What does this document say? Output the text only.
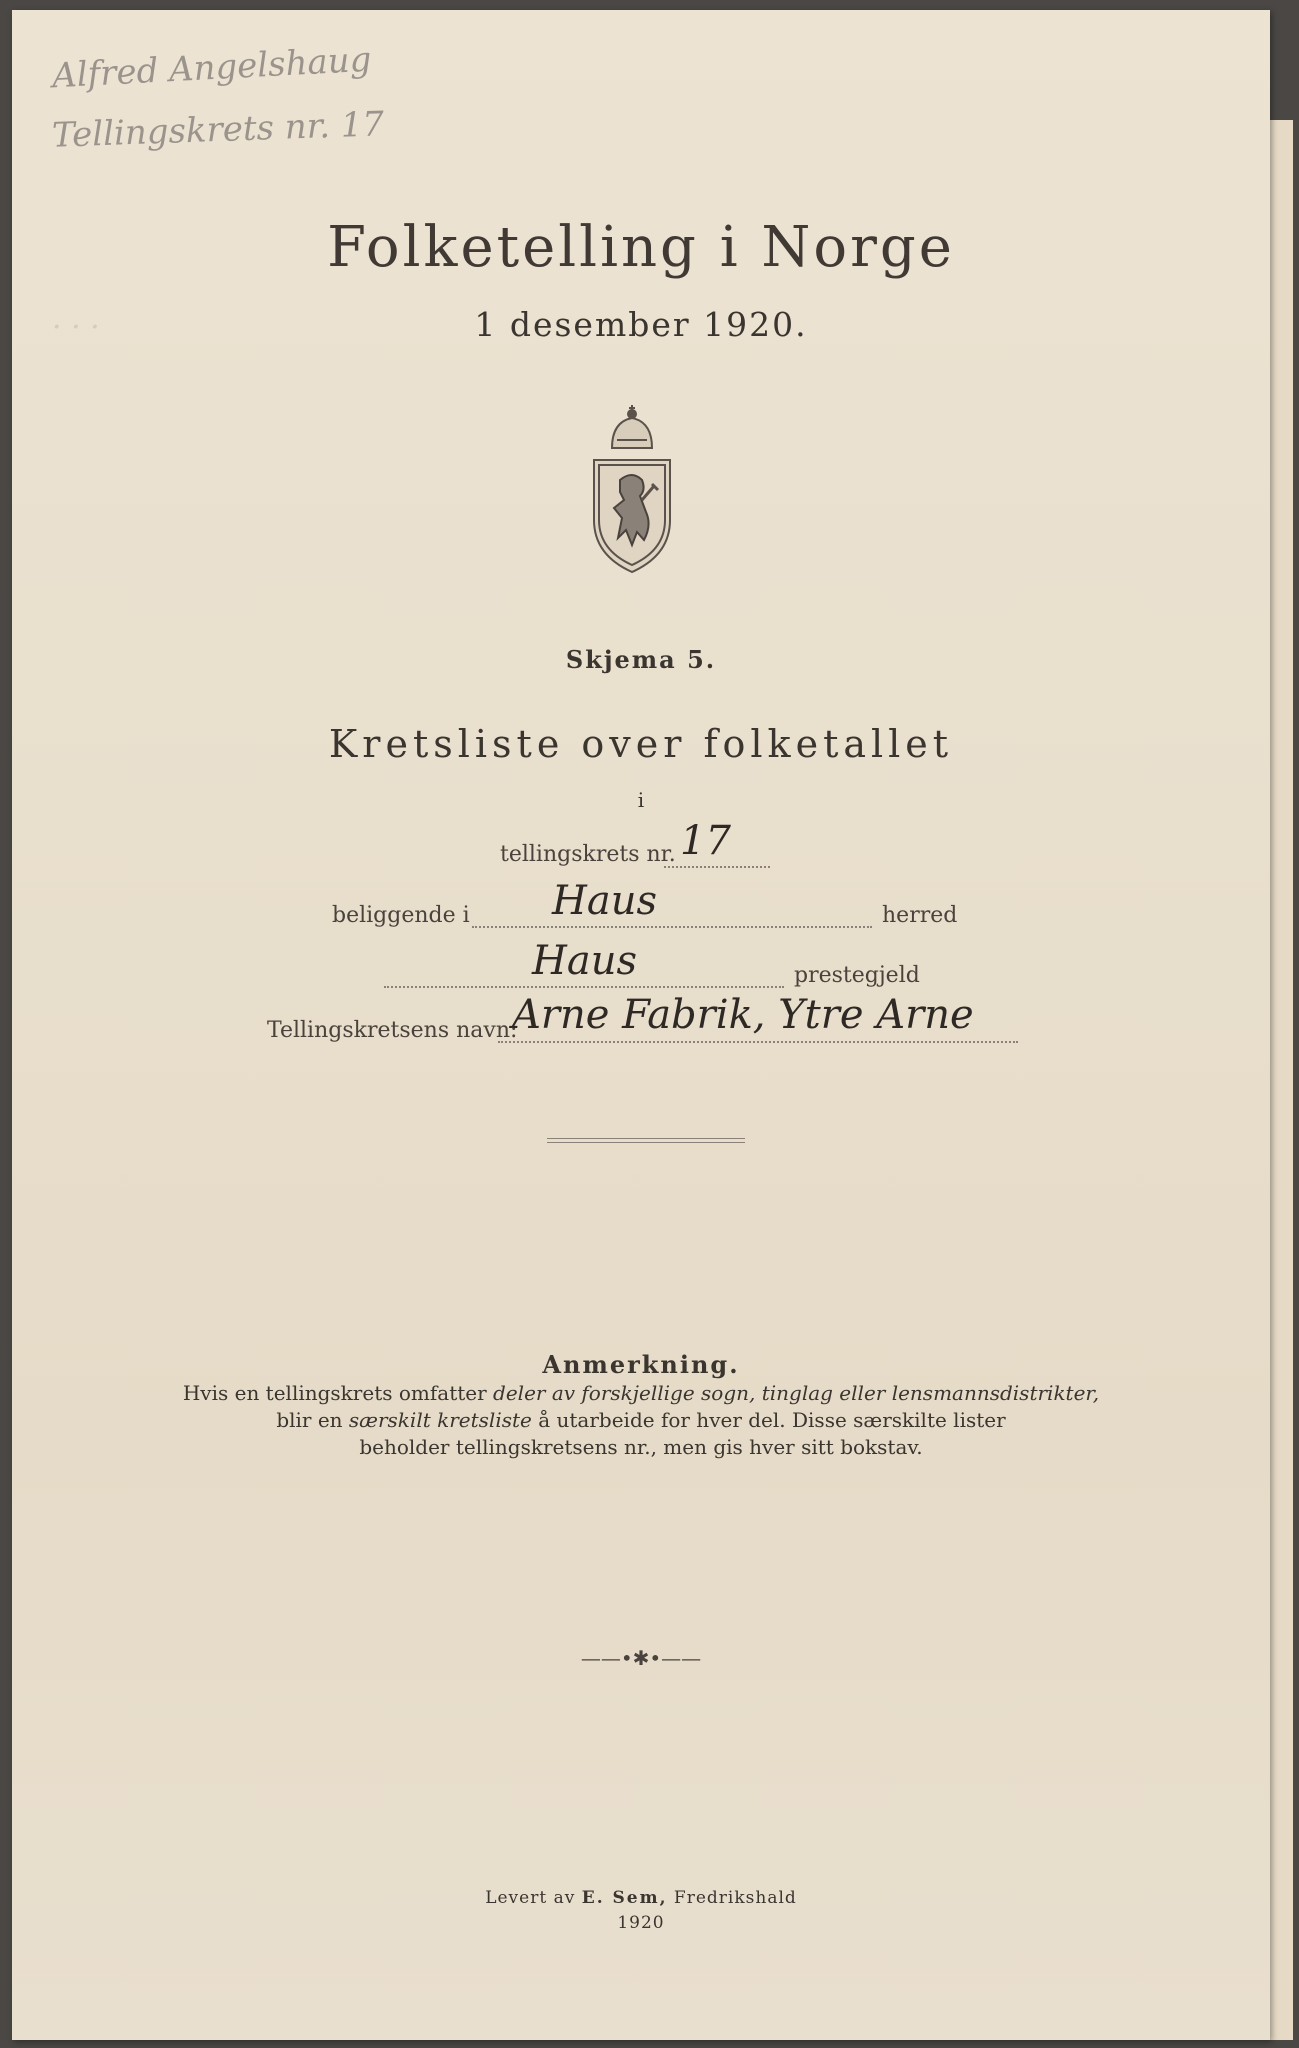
Alfred Angelshaug
Tellingskrets nr. 17
· · ·
Folketelling i Norge
1 desember 1920.
Skjema 5.
Kretsliste over folketallet
i
tellingskrets nr. 17
beliggende i Haus	herred
Haus	prestegjeld
Tellingskretsens navn:
Arne Fabrik, Ytre Arne
Anmerkning.
Hvis en tellingskrets omfatter deler av forskjellige sogn, tinglag eller lensmannsdistrikter,
blir en særskilt kretsliste å utarbeide for hver del. Disse særskilte lister
beholder tellingskretsens nr., men gis hver sitt bokstav.
——•✱•——
Levert av E. Sem, Fredrikshald
1920
